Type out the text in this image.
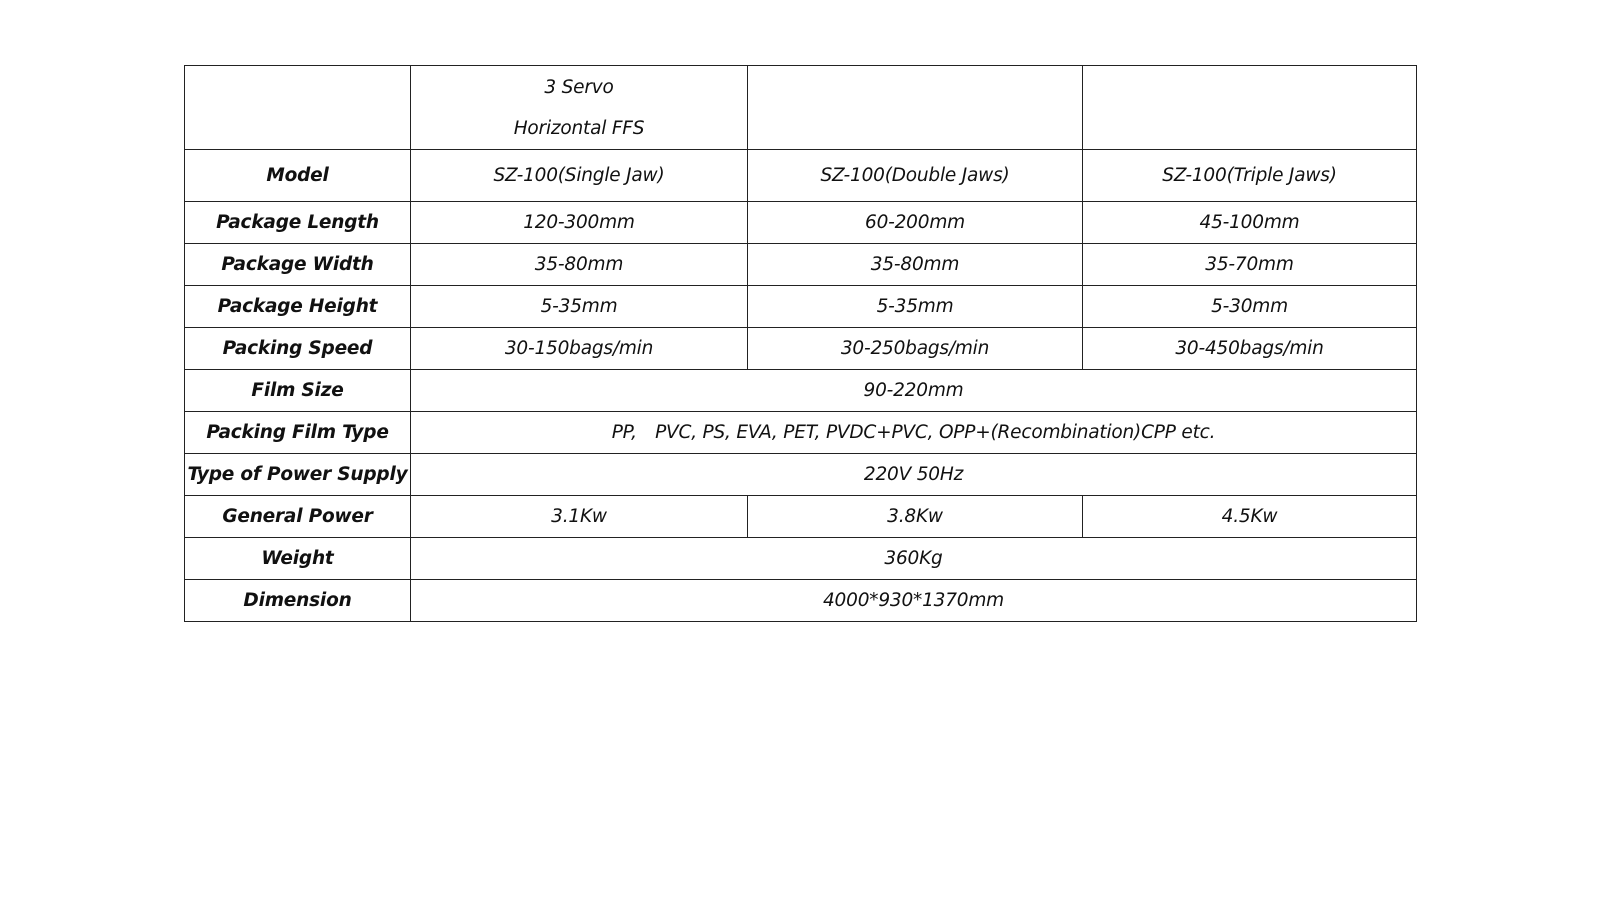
	3 Servo
Horizontal FFS		

Model	SZ-100(Single Jaw)	SZ-100(Double Jaws)	SZ-100(Triple Jaws)
Package Length	120-300mm	60-200mm	45-100mm
Package Width	35-80mm	35-80mm	35-70mm
Package Height	5-35mm	5-35mm	5-30mm
Packing Speed	30-150bags/min	30-250bags/min	30-450bags/min
Film Size	90-220mm		
Packing Film Type	PP, PVC, PS, EVA, PET, PVDC+PVC, OPP+(Recombination)CPP etc.		
Type of Power Supply	220V 50Hz		
General Power	3.1Kw	3.8Kw	4.5Kw
Weight	360Kg		
Dimension	4000*930*1370mm		
